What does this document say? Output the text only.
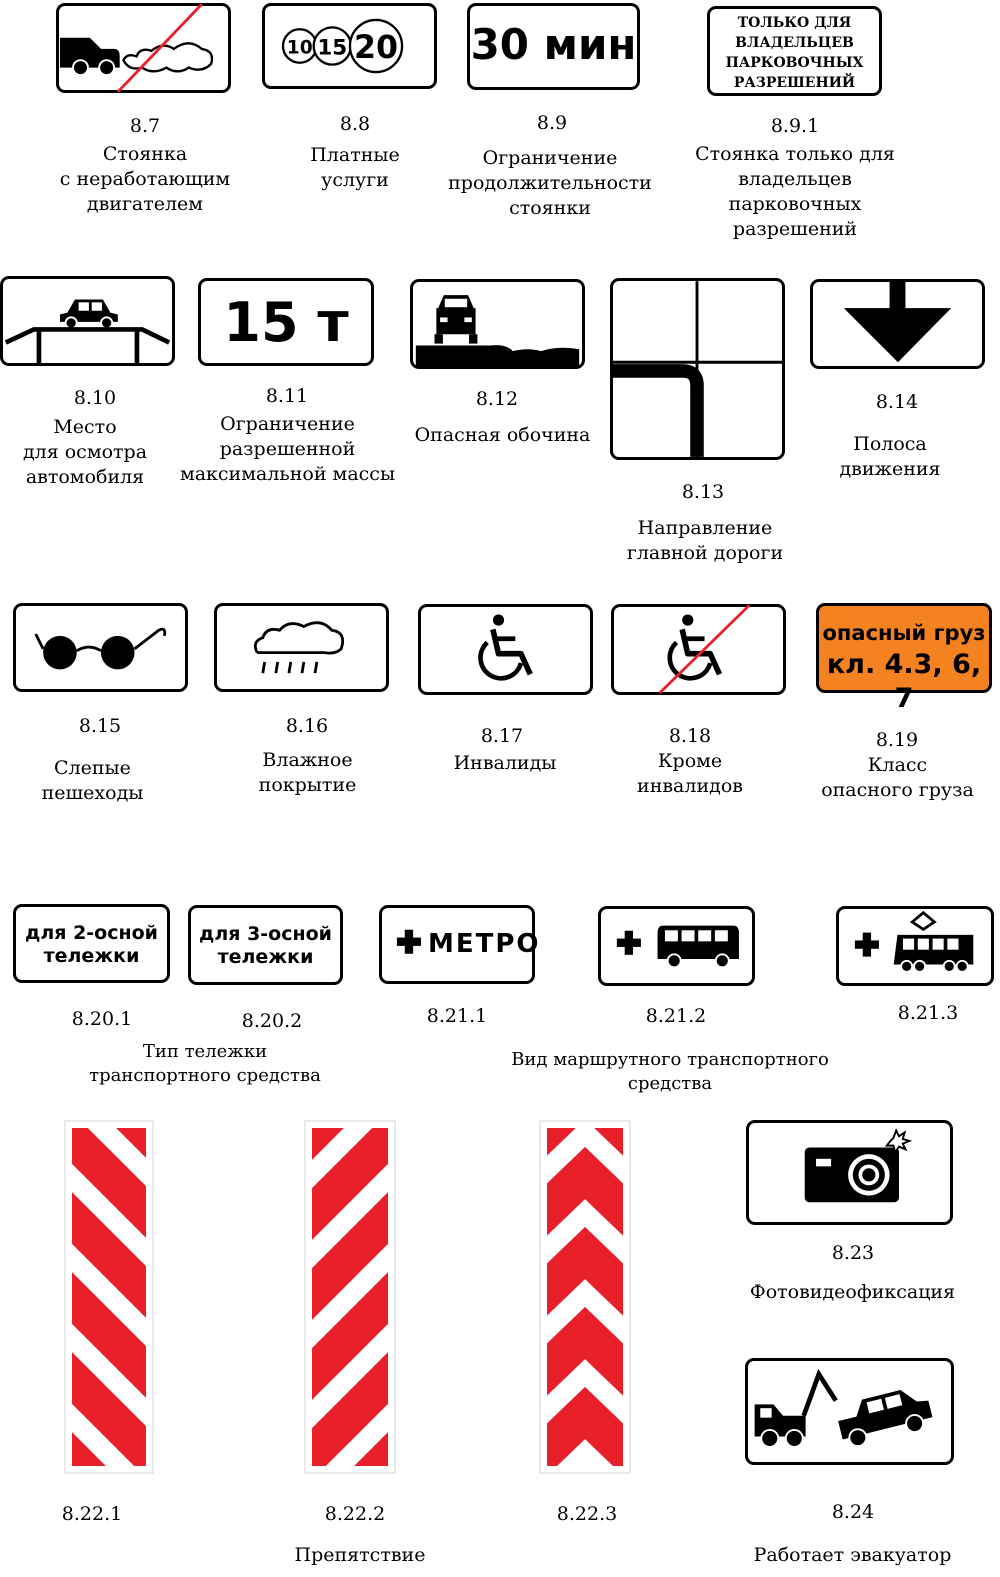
8.7
Стоянка
с неработающим
двигателем
10 15 20
8.8
Платные
услуги
30 мин
8.9
Ограничение
продолжительности
стоянки
ТОЛЬКО ДЛЯ
ВЛАДЕЛЬЦЕВ
ПАРКОВОЧНЫХ
РАЗРЕШЕНИЙ
8.9.1
Стоянка только для
владельцев парковочных
разрешений
8.10
Место
для осмотра
автомобиля
15 т
8.11
Ограничение
разрешенной
максимальной массы
8.12
Опасная обочина
8.13
Направление
главной дороги
8.14
Полоса
движения
8.15
Слепые
пешеходы
8.16
Влажное
покрытие
8.17
Инвалиды
8.18
Кроме
инвалидов
опасный груз
кл. 4.3, 6, 7
8.19
Класс
опасного груза
для 2-осной
тележки
8.20.1
для 3-осной
тележки
8.20.2
Тип тележки
транспортного средства
МЕТРО
8.21.1	8.21.2
Вид маршрутного транспортного средства
8.21.3
8.22.1	8.22.2
Препятствие
8.22.3
8.23
Фотовидеофиксация
8.24
Работает эвакуатор
